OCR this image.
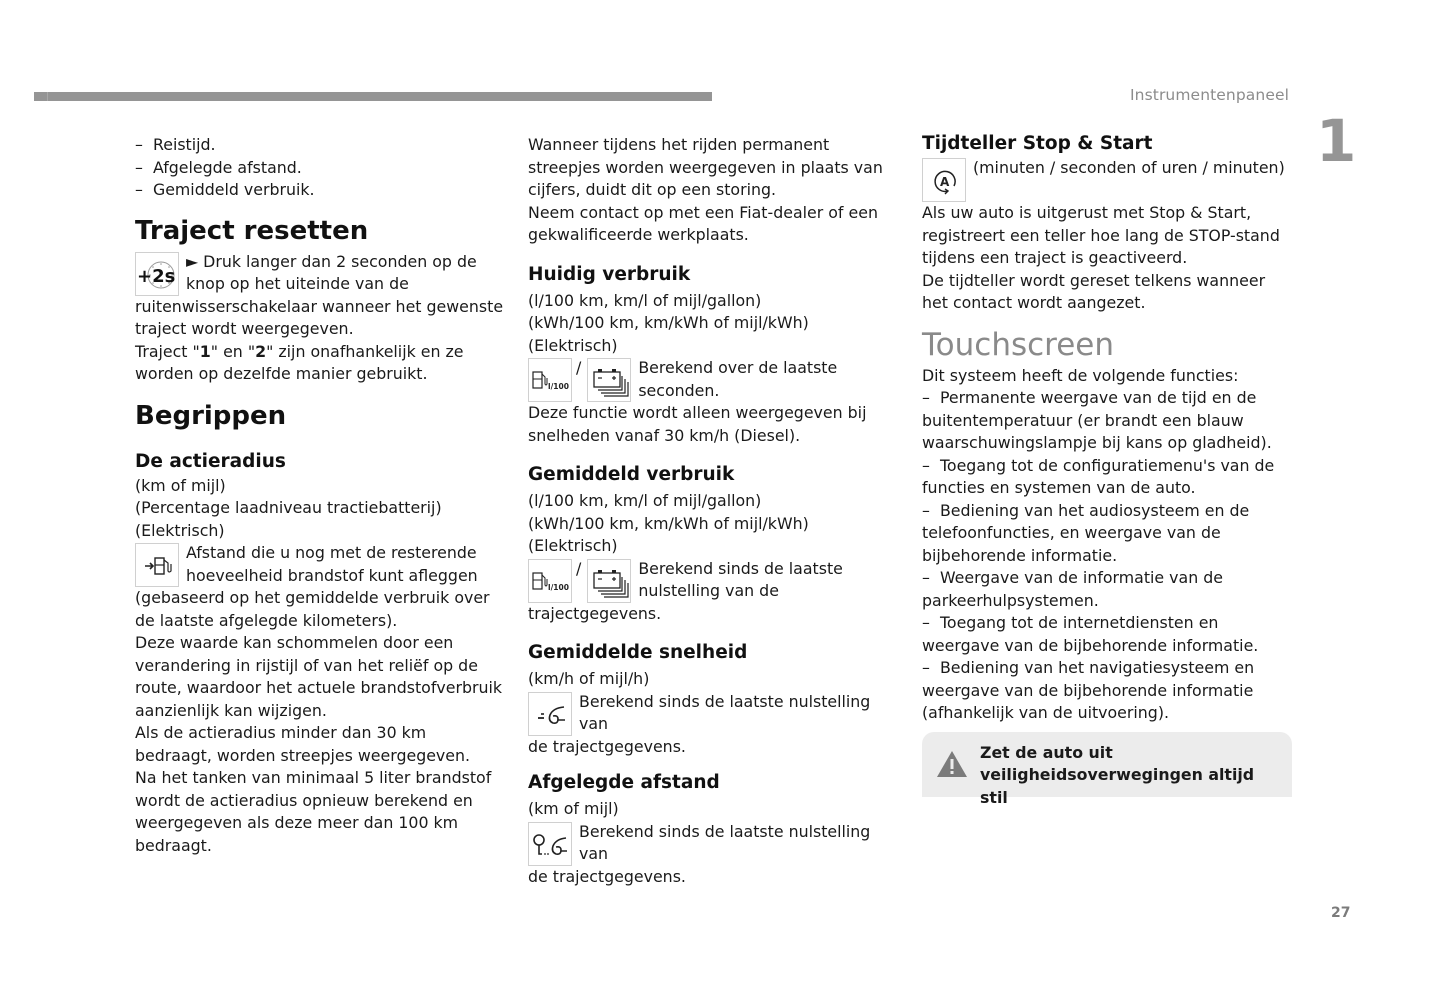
Instrumentenpaneel
1
27

–  Reistijd.

–  Afgelegde afstand.

–  Gemiddeld verbruik.

Traject resetten
+2s

► Druk langer dan 2 seconden op de

knop op het uiteinde van de

ruitenwisserschakelaar wanneer het gewenste traject wordt weergegeven.

Traject "1" en "2" zijn onafhankelijk en ze worden op dezelfde manier gebruikt.

Begrippen
De actieradius

(km of mijl)

(Percentage laadniveau tractiebatterij)

(Elektrisch)

Afstand die u nog met de resterende

hoeveelheid brandstof kunt afleggen

(gebaseerd op het gemiddelde verbruik over de laatste afgelegde kilometers).

Deze waarde kan schommelen door een verandering in rijstijl of van het reliëf op de route, waardoor het actuele brandstofverbruik aanzienlijk kan wijzigen.

Als de actieradius minder dan 30 km bedraagt, worden streepjes weergegeven.

Na het tanken van minimaal 5 liter brandstof wordt de actieradius opnieuw berekend en weergegeven als deze meer dan 100 km bedraagt.

Wanneer tijdens het rijden permanent streepjes worden weergegeven in plaats van cijfers, duidt dit op een storing.

Neem contact op met een Fiat-dealer of een gekwalificeerde werkplaats.

Huidig verbruik

(l/100 km, km/l of mijl/gallon)

(kWh/100 km, km/kWh of mijl/kWh) (Elektrisch)

l/100
/	Berekend over de laatste

seconden.

Deze functie wordt alleen weergegeven bij snelheden vanaf 30 km/h (Diesel).

Gemiddeld verbruik

(l/100 km, km/l of mijl/gallon)

(kWh/100 km, km/kWh of mijl/kWh) (Elektrisch)

l/100
/	Berekend sinds de laatste

nulstelling van de

trajectgegevens.

Gemiddelde snelheid

(km/h of mijl/h)

Berekend sinds de laatste nulstelling van

de trajectgegevens.

Afgelegde afstand

(km of mijl)

Berekend sinds de laatste nulstelling van

de trajectgegevens.

Tijdteller Stop & Start
A

(minuten / seconden of uren / minuten)

Als uw auto is uitgerust met Stop & Start, registreert een teller hoe lang de STOP-stand tijdens een traject is geactiveerd.

De tijdteller wordt gereset telkens wanneer het contact wordt aangezet.

Touchscreen

Dit systeem heeft de volgende functies:

–  Permanente weergave van de tijd en de buitentemperatuur (er brandt een blauw waarschuwingslampje bij kans op gladheid).

–  Toegang tot de configuratiemenu's van de functies en systemen van de auto.

–  Bediening van het audiosysteem en de telefoonfuncties, en weergave van de bijbehorende informatie.

–  Weergave van de informatie van de parkeerhulpsystemen.

–  Toegang tot de internetdiensten en weergave van de bijbehorende informatie.

–  Bediening van het navigatiesysteem en weergave van de bijbehorende informatie (afhankelijk van de uitvoering).

Zet de auto uit
veiligheidsoverwegingen altijd stil
